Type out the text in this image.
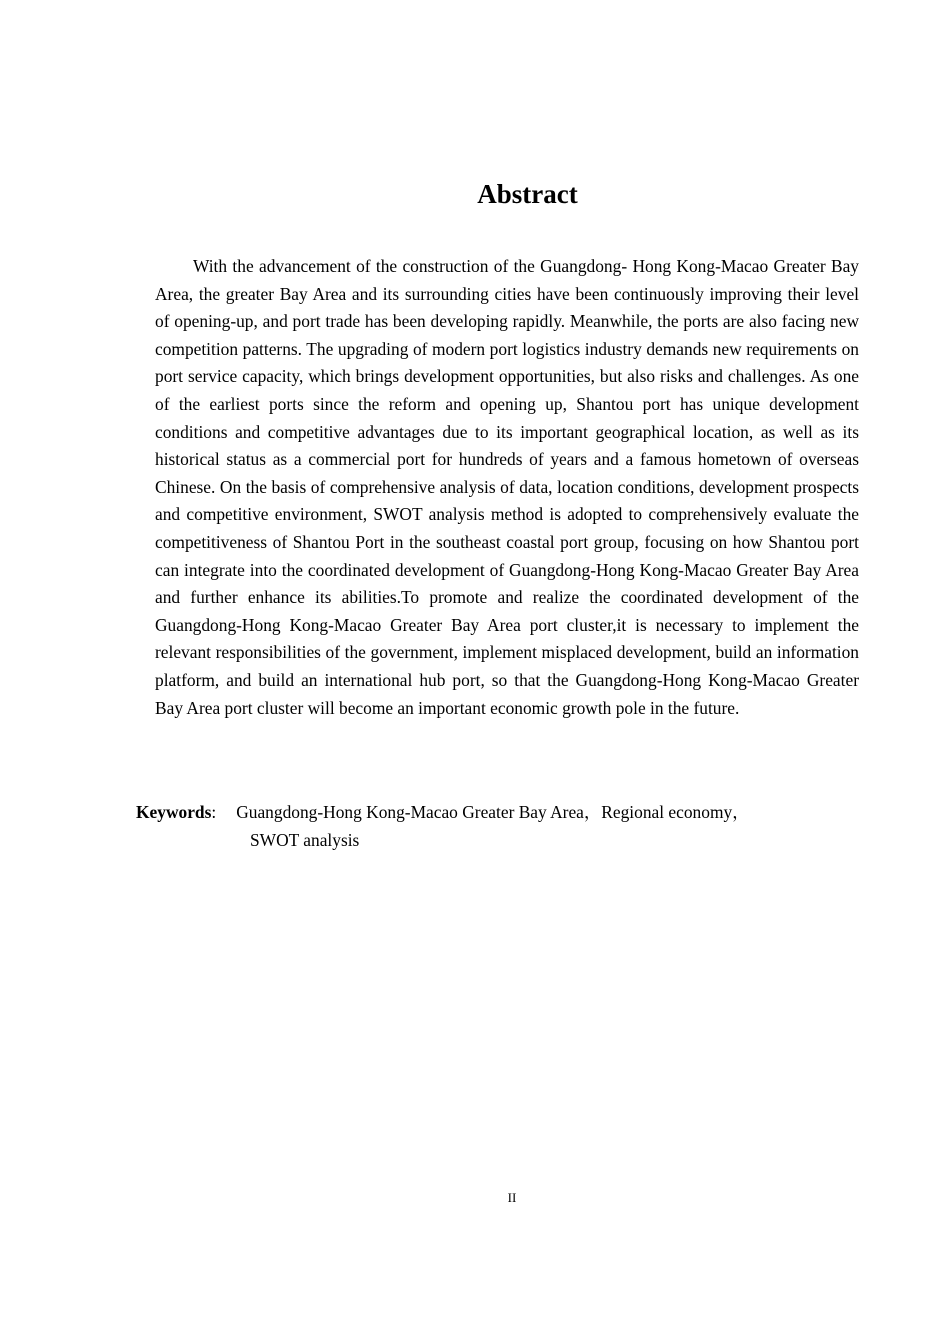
Abstract

With the advancement of the construction of the Guangdong- Hong Kong-Macao Greater Bay Area, the greater Bay Area and its surrounding cities have been continuously improving their level of opening-up, and port trade has been developing rapidly. Meanwhile, the ports are also facing new competition patterns. The upgrading of modern port logistics industry demands new requirements on port service capacity, which brings development opportunities, but also risks and challenges. As one of the earliest ports since the reform and opening up, Shantou port has unique development conditions and competitive advantages due to its important geographical location, as well as its historical status as a commercial port for hundreds of years and a famous hometown of overseas Chinese. On the basis of comprehensive analysis of data, location conditions, development prospects and competitive environment, SWOT analysis method is adopted to comprehensively evaluate the competitiveness of Shantou Port in the southeast coastal port group, focusing on how Shantou port can integrate into the coordinated development of Guangdong-Hong Kong-Macao Greater Bay Area and further enhance its abilities.To promote and realize the coordinated development of the Guangdong-Hong Kong-Macao Greater Bay Area port cluster,it is necessary to implement the relevant responsibilities of the government, implement misplaced development, build an information platform, and build an international hub port, so that the Guangdong-Hong Kong-Macao Greater Bay Area port cluster will become an important economic growth pole in the future.

Keywords: Guangdong-Hong Kong-Macao Greater Bay Area，Regional economy，
SWOT analysis
II
